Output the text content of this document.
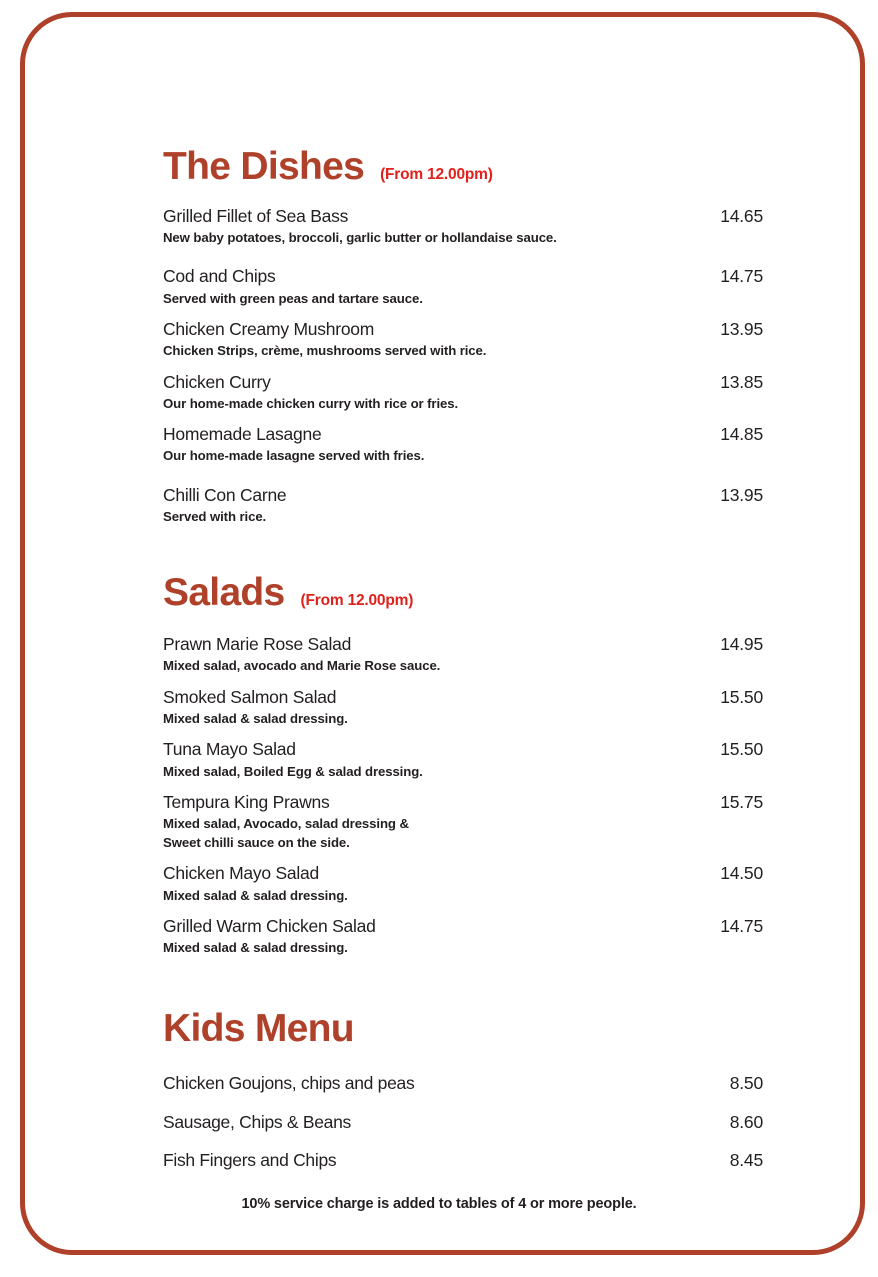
The Dishes (From 12.00pm)
Grilled Fillet of Sea Bass	14.65
New baby potatoes, broccoli, garlic butter or hollandaise sauce.
Cod and Chips	14.75
Served with green peas and tartare sauce.
Chicken Creamy Mushroom	13.95
Chicken Strips, crème, mushrooms served with rice.
Chicken Curry	13.85
Our home-made chicken curry with rice or fries.
Homemade Lasagne	14.85
Our home-made lasagne served with fries.
Chilli Con Carne	13.95
Served with rice.
Salads (From 12.00pm)
Prawn Marie Rose Salad	14.95
Mixed salad, avocado and Marie Rose sauce.
Smoked Salmon Salad	15.50
Mixed salad & salad dressing.
Tuna Mayo Salad	15.50
Mixed salad, Boiled Egg & salad dressing.
Tempura King Prawns	15.75
Mixed salad, Avocado, salad dressing &
Sweet chilli sauce on the side.
Chicken Mayo Salad	14.50
Mixed salad & salad dressing.
Grilled Warm Chicken Salad	14.75
Mixed salad & salad dressing.
Kids Menu
Chicken Goujons, chips and peas	8.50
Sausage, Chips & Beans	8.60
Fish Fingers and Chips	8.45
10% service charge is added to tables of 4 or more people.
